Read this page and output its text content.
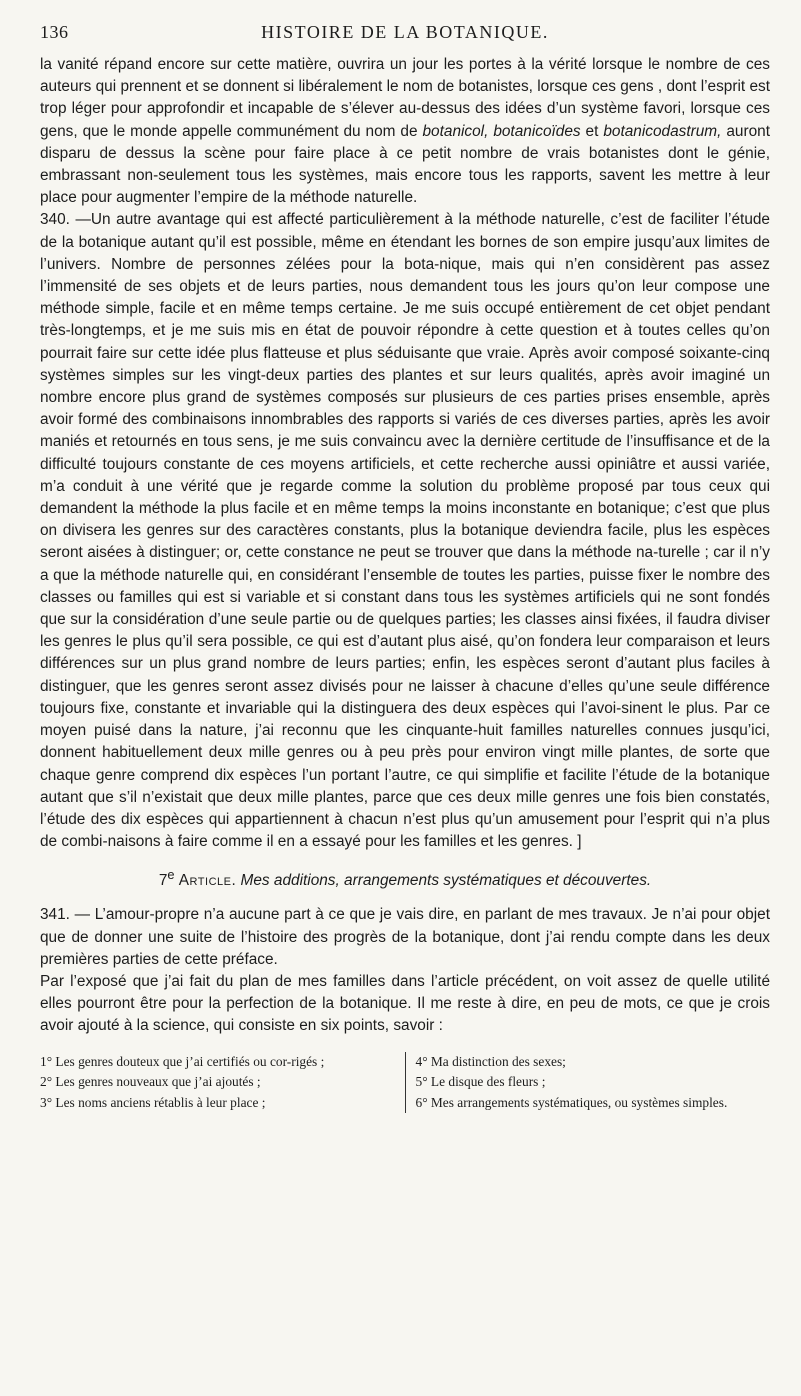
136	HISTOIRE DE LA BOTANIQUE.

la vanité répand encore sur cette matière, ouvrira un jour les portes à la vérité lorsque le nombre de ces auteurs qui prennent et se donnent si libéralement le nom de botanistes, lorsque ces gens , dont l’esprit est trop léger pour approfondir et incapable de s’élever au-dessus des idées d’un système favori, lorsque ces gens, que le monde appelle communément du nom de botanicol, botanicoïdes et botanicodastrum, auront disparu de dessus la scène pour faire place à ce petit nombre de vrais botanistes dont le génie, embrassant non-seulement tous les systèmes, mais encore tous les rapports, savent les mettre à leur place pour augmenter l’empire de la méthode naturelle.

340. —Un autre avantage qui est affecté particulièrement à la méthode naturelle, c’est de faciliter l’étude de la botanique autant qu’il est possible, même en étendant les bornes de son empire jusqu’aux limites de l’univers. Nombre de personnes zélées pour la bota-nique, mais qui n’en considèrent pas assez l’immensité de ses objets et de leurs parties, nous demandent tous les jours qu’on leur compose une méthode simple, facile et en même temps certaine. Je me suis occupé entièrement de cet objet pendant très-longtemps, et je me suis mis en état de pouvoir répondre à cette question et à toutes celles qu’on pourrait faire sur cette idée plus flatteuse et plus séduisante que vraie. Après avoir composé soixante-cinq systèmes simples sur les vingt-deux parties des plantes et sur leurs qualités, après avoir imaginé un nombre encore plus grand de systèmes composés sur plusieurs de ces parties prises ensemble, après avoir formé des combinaisons innombrables des rapports si variés de ces diverses parties, après les avoir maniés et retournés en tous sens, je me suis convaincu avec la dernière certitude de l’insuffisance et de la difficulté toujours constante de ces moyens artificiels, et cette recherche aussi opiniâtre et aussi variée, m’a conduit à une vérité que je regarde comme la solution du problème proposé par tous ceux qui demandent la méthode la plus facile et en même temps la moins inconstante en botanique; c’est que plus on divisera les genres sur des caractères constants, plus la botanique deviendra facile, plus les espèces seront aisées à distinguer; or, cette constance ne peut se trouver que dans la méthode na-turelle ; car il n’y a que la méthode naturelle qui, en considérant l’ensemble de toutes les parties, puisse fixer le nombre des classes ou familles qui est si variable et si constant dans tous les systèmes artificiels qui ne sont fondés que sur la considération d’une seule partie ou de quelques parties; les classes ainsi fixées, il faudra diviser les genres le plus qu’il sera possible, ce qui est d’autant plus aisé, qu’on fondera leur comparaison et leurs différences sur un plus grand nombre de leurs parties; enfin, les espèces seront d’autant plus faciles à distinguer, que les genres seront assez divisés pour ne laisser à chacune d’elles qu’une seule différence toujours fixe, constante et invariable qui la distinguera des deux espèces qui l’avoi-sinent le plus. Par ce moyen puisé dans la nature, j’ai reconnu que les cinquante-huit familles naturelles connues jusqu’ici, donnent habituellement deux mille genres ou à peu près pour environ vingt mille plantes, de sorte que chaque genre comprend dix espèces l’un portant l’autre, ce qui simplifie et facilite l’étude de la botanique autant que s’il n’existait que deux mille plantes, parce que ces deux mille genres une fois bien constatés, l’étude des dix espèces qui appartiennent à chacun n’est plus qu’un amusement pour l’esprit qui n’a plus de combi-naisons à faire comme il en a essayé pour les familles et les genres. ]

7e Article. Mes additions, arrangements systématiques et découvertes.

341. — L’amour-propre n’a aucune part à ce que je vais dire, en parlant de mes travaux. Je n’ai pour objet que de donner une suite de l’histoire des progrès de la botanique, dont j’ai rendu compte dans les deux premières parties de cette préface.

Par l’exposé que j’ai fait du plan de mes familles dans l’article précédent, on voit assez de quelle utilité elles pourront être pour la perfection de la botanique. Il me reste à dire, en peu de mots, ce que je crois avoir ajouté à la science, qui consiste en six points, savoir :

1° Les genres douteux que j’ai certifiés ou cor-rigés ;
2° Les genres nouveaux que j’ai ajoutés ;
3° Les noms anciens rétablis à leur place ;
4° Ma distinction des sexes;
5° Le disque des fleurs ;
6° Mes arrangements systématiques, ou systèmes simples.
